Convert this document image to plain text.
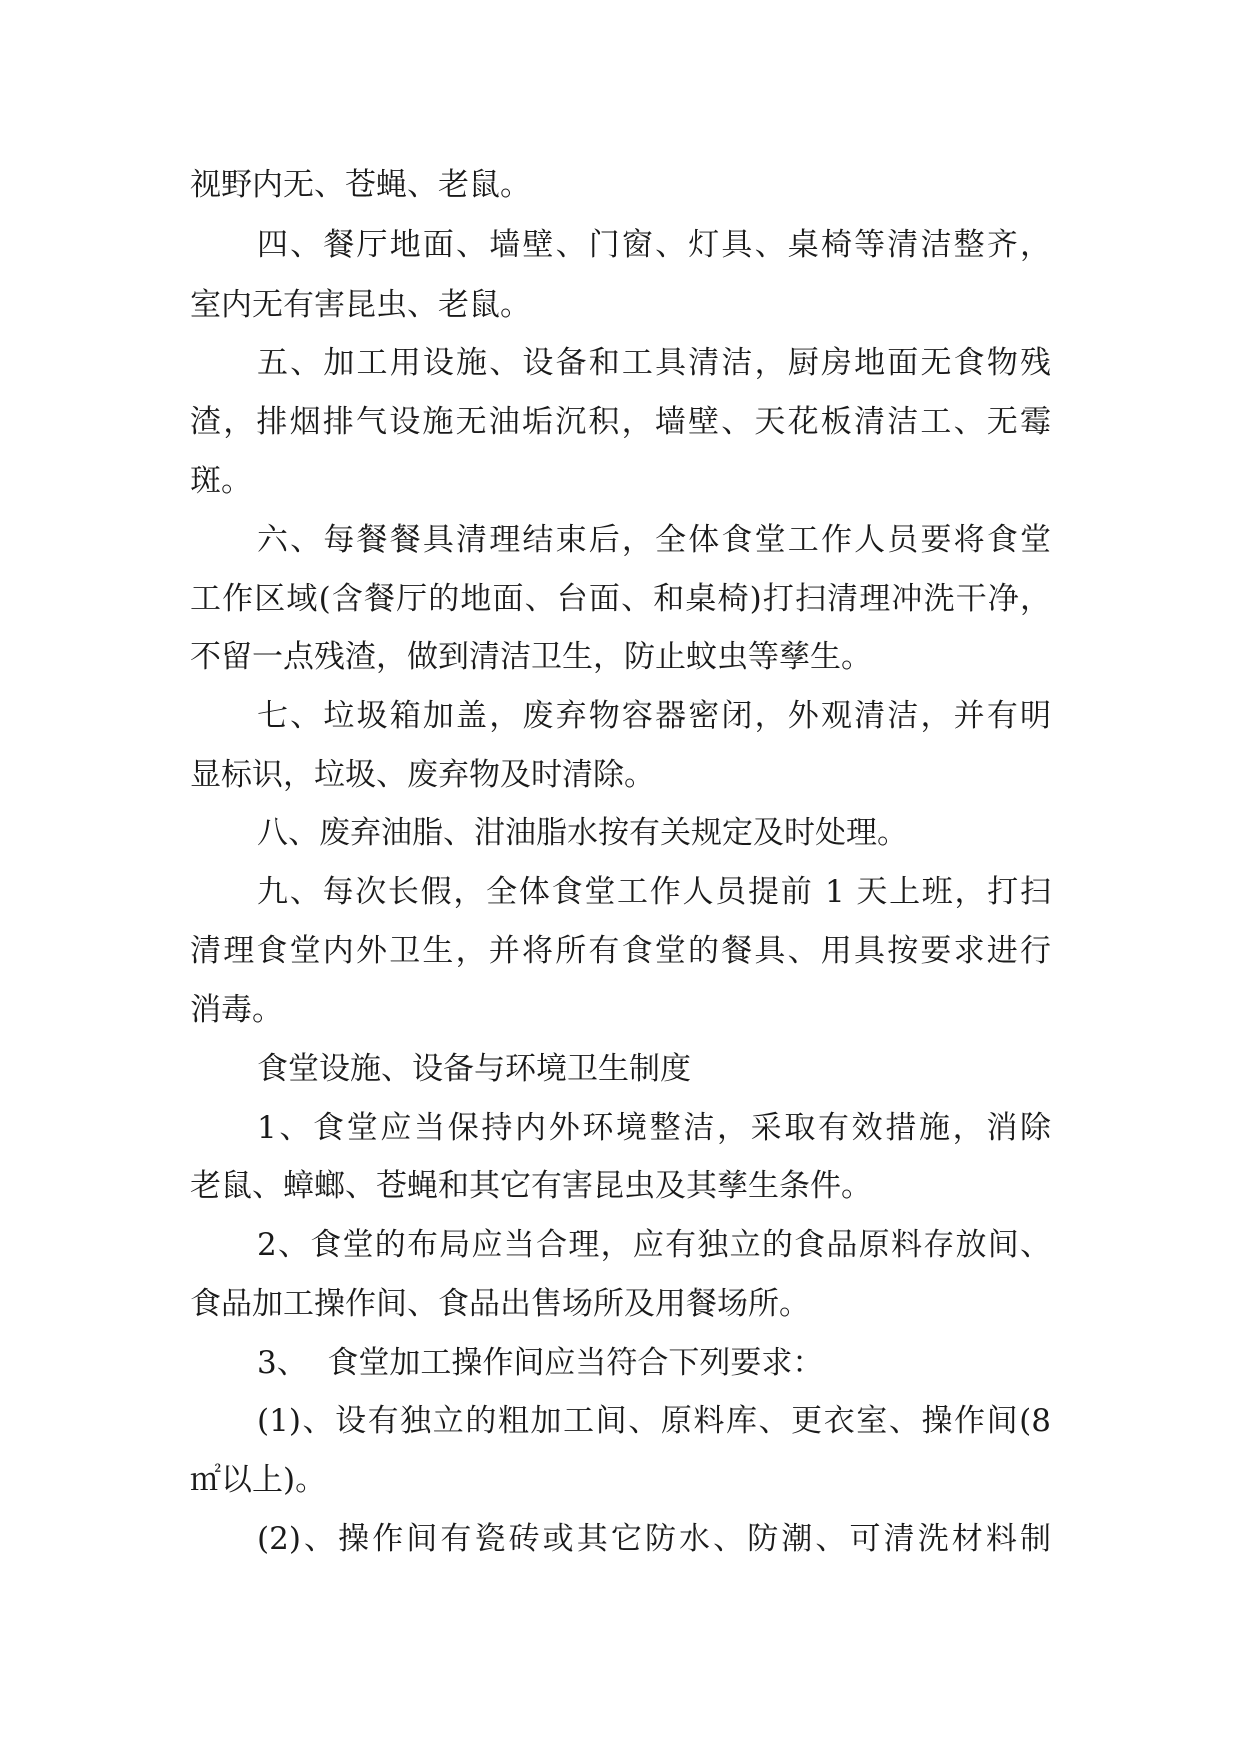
视野内无、苍蝇、老鼠。
四、餐厅地面、墙壁、门窗、灯具、桌椅等清洁整齐，
室内无有害昆虫、老鼠。
五、加工用设施、设备和工具清洁，厨房地面无食物残
渣，排烟排气设施无油垢沉积，墙壁、天花板清洁工、无霉
斑。
六、每餐餐具清理结束后，全体食堂工作人员要将食堂
工作区域(含餐厅的地面、台面、和桌椅)打扫清理冲洗干净，
不留一点残渣，做到清洁卫生，防止蚊虫等孳生。
七、垃圾箱加盖，废弃物容器密闭，外观清洁，并有明
显标识，垃圾、废弃物及时清除。
八、废弃油脂、泔油脂水按有关规定及时处理。
九、每次长假，全体食堂工作人员提前 1 天上班，打扫
清理食堂内外卫生，并将所有食堂的餐具、用具按要求进行
消毒。
食堂设施、设备与环境卫生制度
1、食堂应当保持内外环境整洁，采取有效措施，消除
老鼠、蟑螂、苍蝇和其它有害昆虫及其孳生条件。
2、食堂的布局应当合理，应有独立的食品原料存放间、
食品加工操作间、食品出售场所及用餐场所。
3、  食堂加工操作间应当符合下列要求：
(1)、设有独立的粗加工间、原料库、更衣室、操作间(8
㎡以上)。
(2)、操作间有瓷砖或其它防水、防潮、可清洗材料制
